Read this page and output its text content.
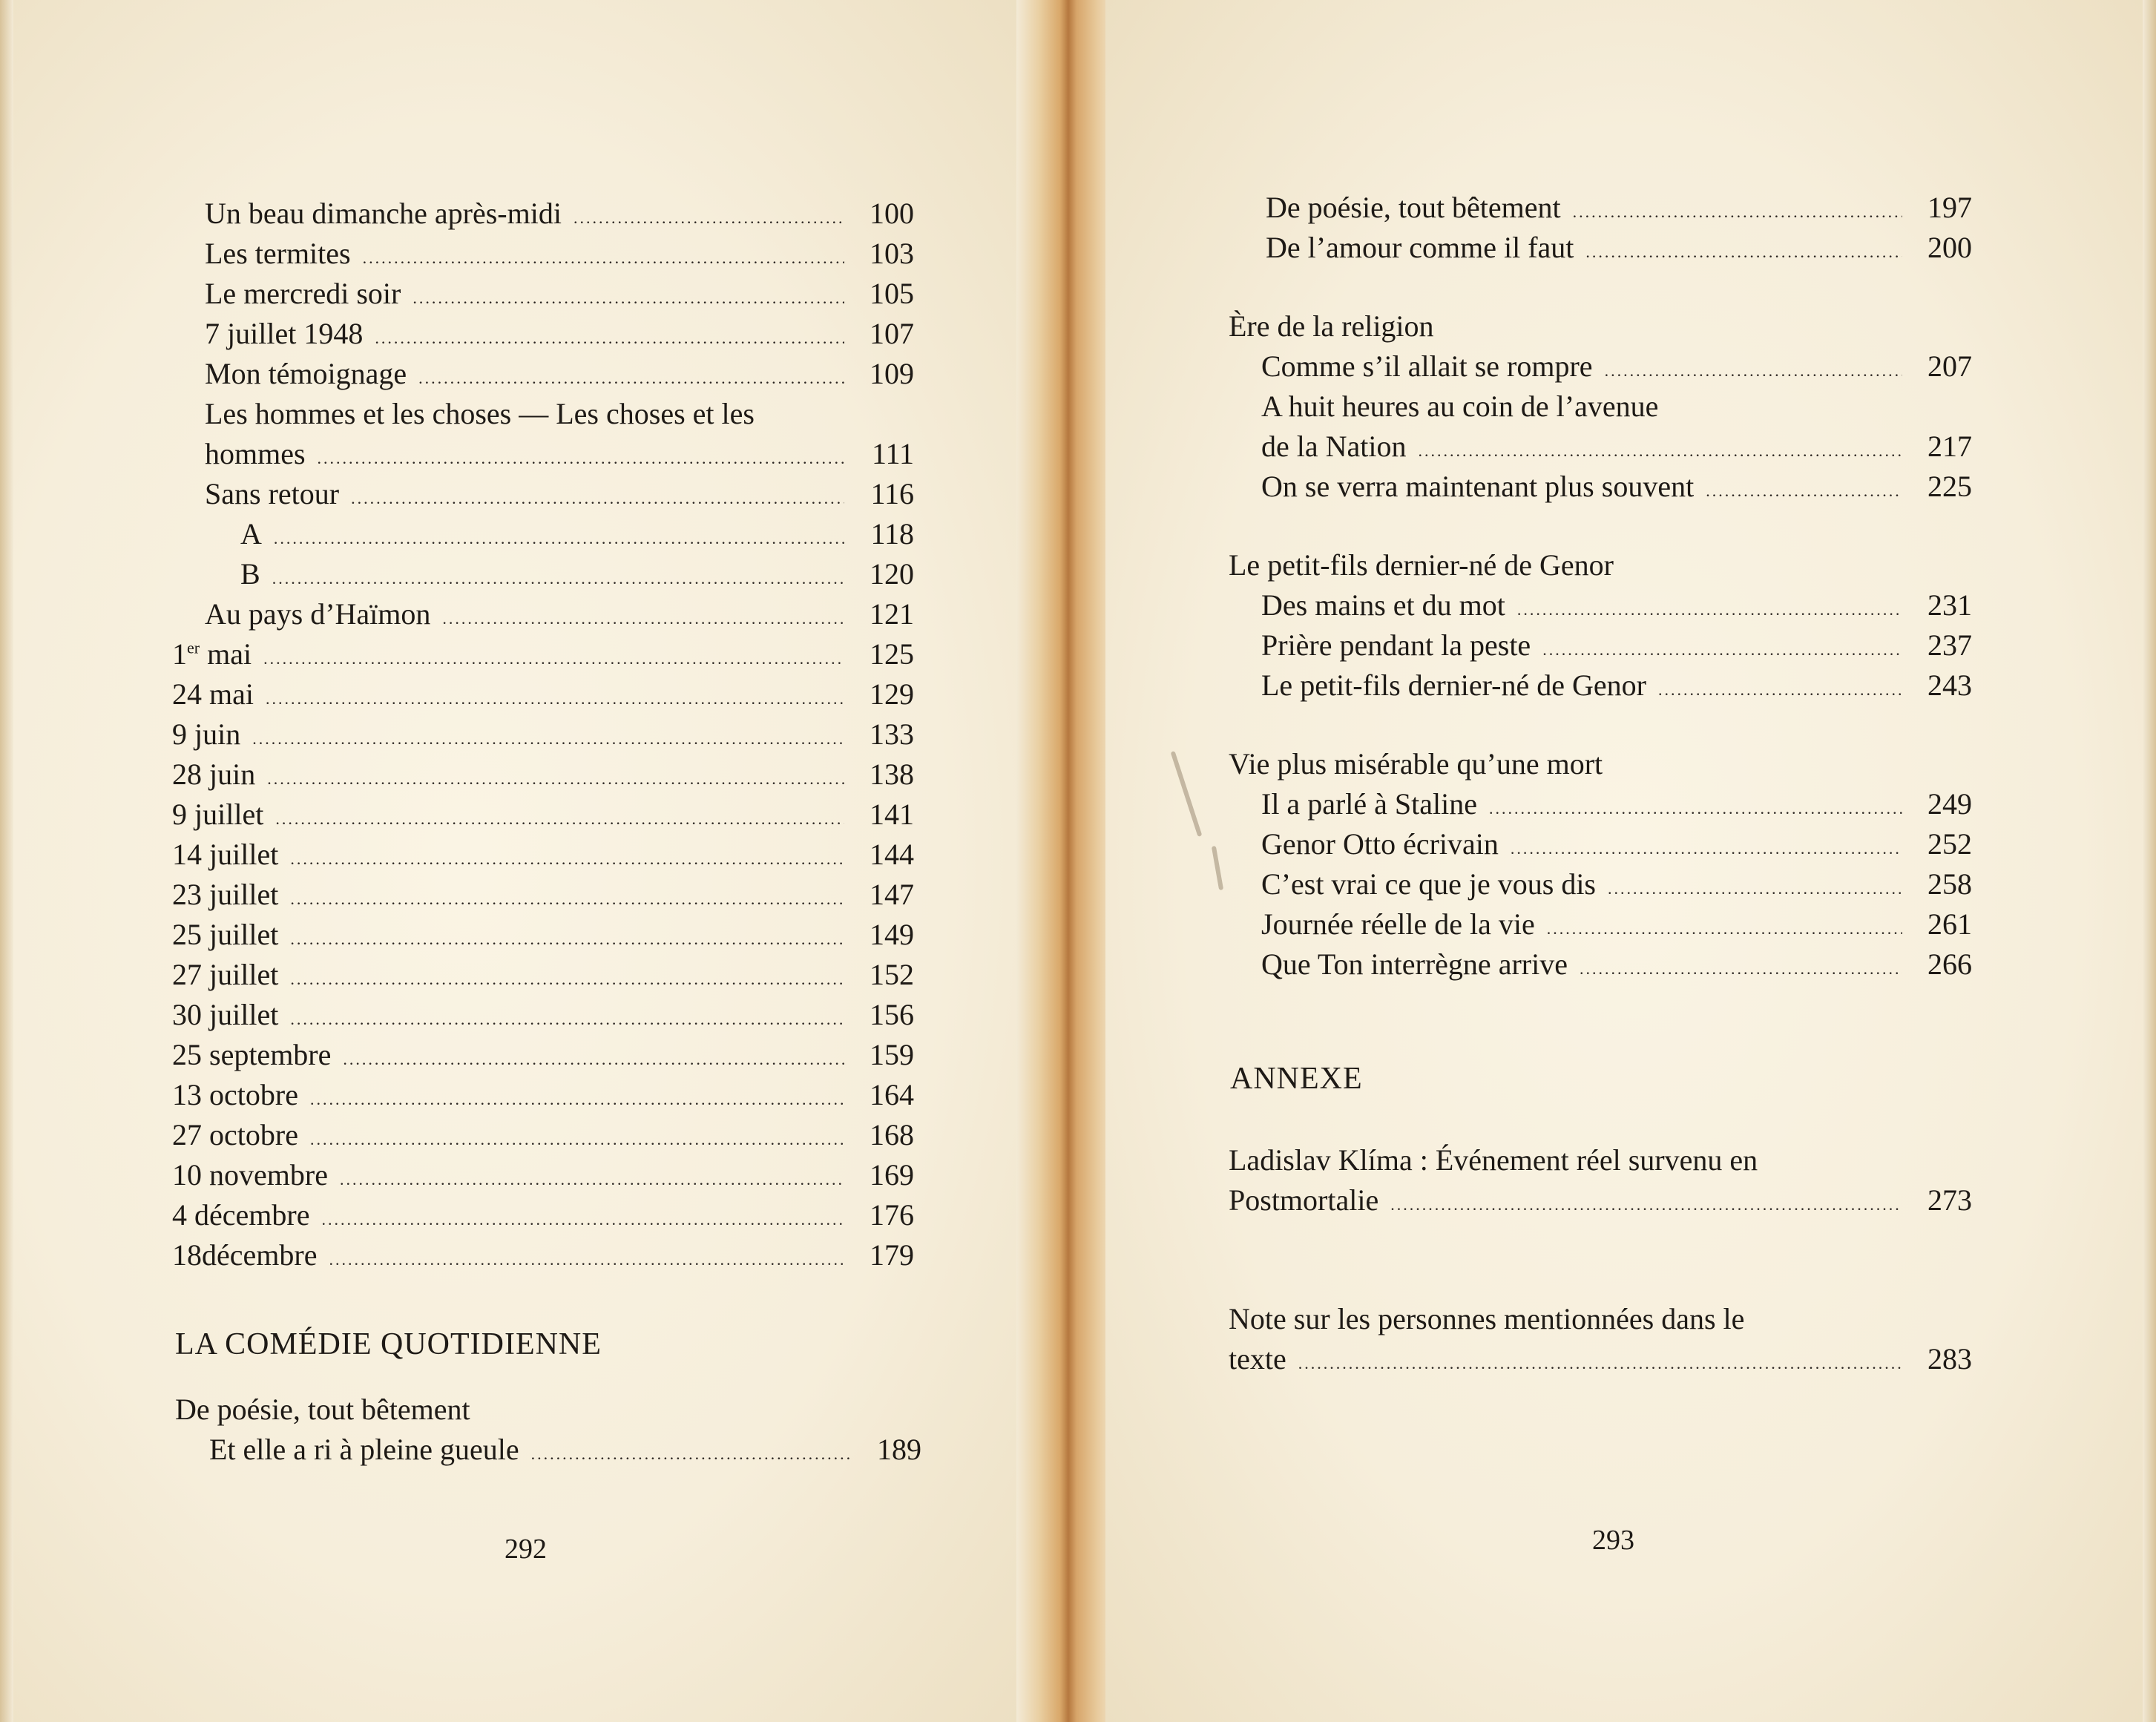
Un beau dimanche après-midi .....	100
Les termites .....	103
Le mercredi soir .....	105
7 juillet 1948 .....	107
Mon témoignage .....	109
Les hommes et les choses — Les choses et les
hommes .....	111
Sans retour .....	116
A .....	118
B .....	120
Au pays d’Haïmon .....	121
1er mai .....	125
24 mai .....	129
9 juin .....	133
28 juin .....	138
9 juillet .....	141
14 juillet .....	144
23 juillet .....	147
25 juillet .....	149
27 juillet .....	152
30 juillet .....	156
25 septembre .....	159
13 octobre .....	164
27 octobre .....	168
10 novembre .....	169
4 décembre .....	176
18décembre .....	179
LA COMÉDIE QUOTIDIENNE
De poésie, tout bêtement
Et elle a ri à pleine gueule .....	189
292
De poésie, tout bêtement .....	197
De l’amour comme il faut .....	200
Ère de la religion
Comme s’il allait se rompre .....	207
A huit heures au coin de l’avenue
de la Nation .....	217
On se verra maintenant plus souvent .....	225
Le petit-fils dernier-né de Genor
Des mains et du mot .....	231
Prière pendant la peste .....	237
Le petit-fils dernier-né de Genor .....	243
Vie plus misérable qu’une mort
Il a parlé à Staline .....	249
Genor Otto écrivain .....	252
C’est vrai ce que je vous dis .....	258
Journée réelle de la vie .....	261
Que Ton interrègne arrive .....	266
ANNEXE
Ladislav Klíma : Événement réel survenu en
Postmortalie .....	273
Note sur les personnes mentionnées dans le
texte .....	283
293
